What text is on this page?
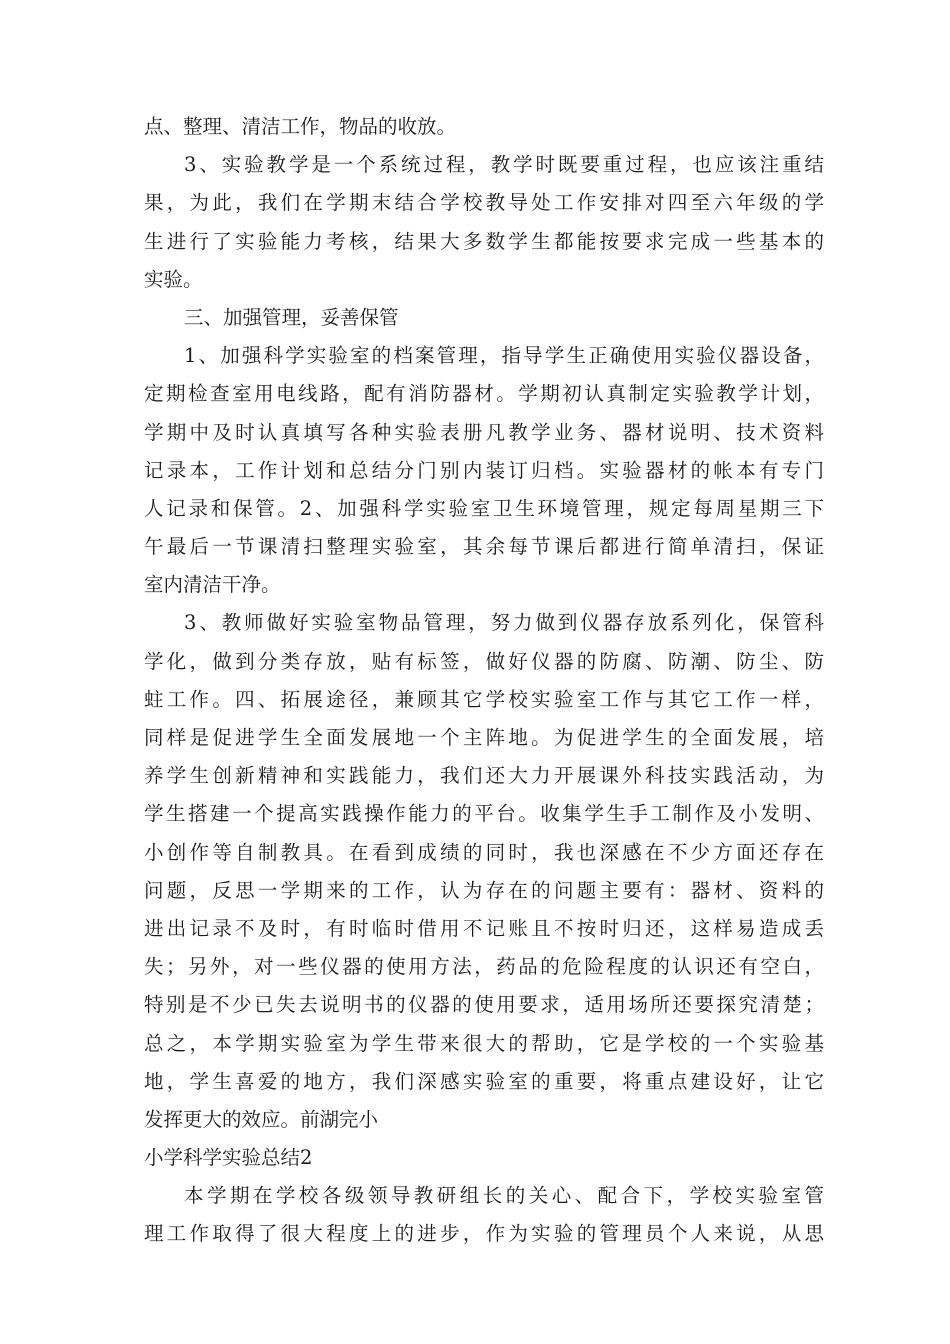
点、整理、清洁工作，物品的收放。
3、实验教学是一个系统过程，教学时既要重过程，也应该注重结
果，为此，我们在学期末结合学校教导处工作安排对四至六年级的学
生进行了实验能力考核，结果大多数学生都能按要求完成一些基本的
实验。
三、加强管理，妥善保管
1、加强科学实验室的档案管理，指导学生正确使用实验仪器设备，
定期检查室用电线路，配有消防器材。学期初认真制定实验教学计划，
学期中及时认真填写各种实验表册凡教学业务、器材说明、技术资料
记录本，工作计划和总结分门别内装订归档。实验器材的帐本有专门
人记录和保管。2、加强科学实验室卫生环境管理，规定每周星期三下
午最后一节课清扫整理实验室，其余每节课后都进行简单清扫，保证
室内清洁干净。
3、教师做好实验室物品管理，努力做到仪器存放系列化，保管科
学化，做到分类存放，贴有标签，做好仪器的防腐、防潮、防尘、防
蛀工作。四、拓展途径，兼顾其它学校实验室工作与其它工作一样，
同样是促进学生全面发展地一个主阵地。为促进学生的全面发展，培
养学生创新精神和实践能力，我们还大力开展课外科技实践活动，为
学生搭建一个提高实践操作能力的平台。收集学生手工制作及小发明、
小创作等自制教具。在看到成绩的同时，我也深感在不少方面还存在
问题，反思一学期来的工作，认为存在的问题主要有：器材、资料的
进出记录不及时，有时临时借用不记账且不按时归还，这样易造成丢
失；另外，对一些仪器的使用方法，药品的危险程度的认识还有空白，
特别是不少已失去说明书的仪器的使用要求，适用场所还要探究清楚；
总之，本学期实验室为学生带来很大的帮助，它是学校的一个实验基
地，学生喜爱的地方，我们深感实验室的重要，将重点建设好，让它
发挥更大的效应。前湖完小
小学科学实验总结2
本学期在学校各级领导教研组长的关心、配合下，学校实验室管
理工作取得了很大程度上的进步，作为实验的管理员个人来说，从思
